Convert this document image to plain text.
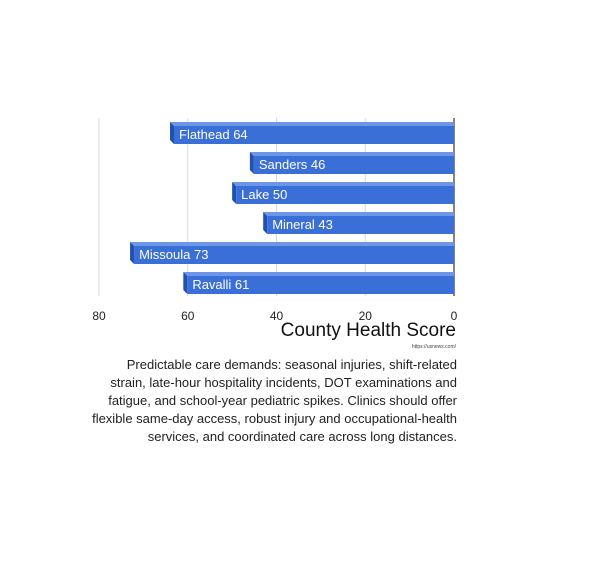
Flathead 64
Sanders 46
Lake 50
Mineral 43
Missoula 73
Ravalli 61
80	60	40	20	0
County Health Score
https://usnews.com/
Predictable care demands: seasonal injuries, shift-related strain, late-hour hospitality incidents, DOT examinations and fatigue, and school-year pediatric spikes. Clinics should offer flexible same-day access, robust injury and occupational-health services, and coordinated care across long distances.
